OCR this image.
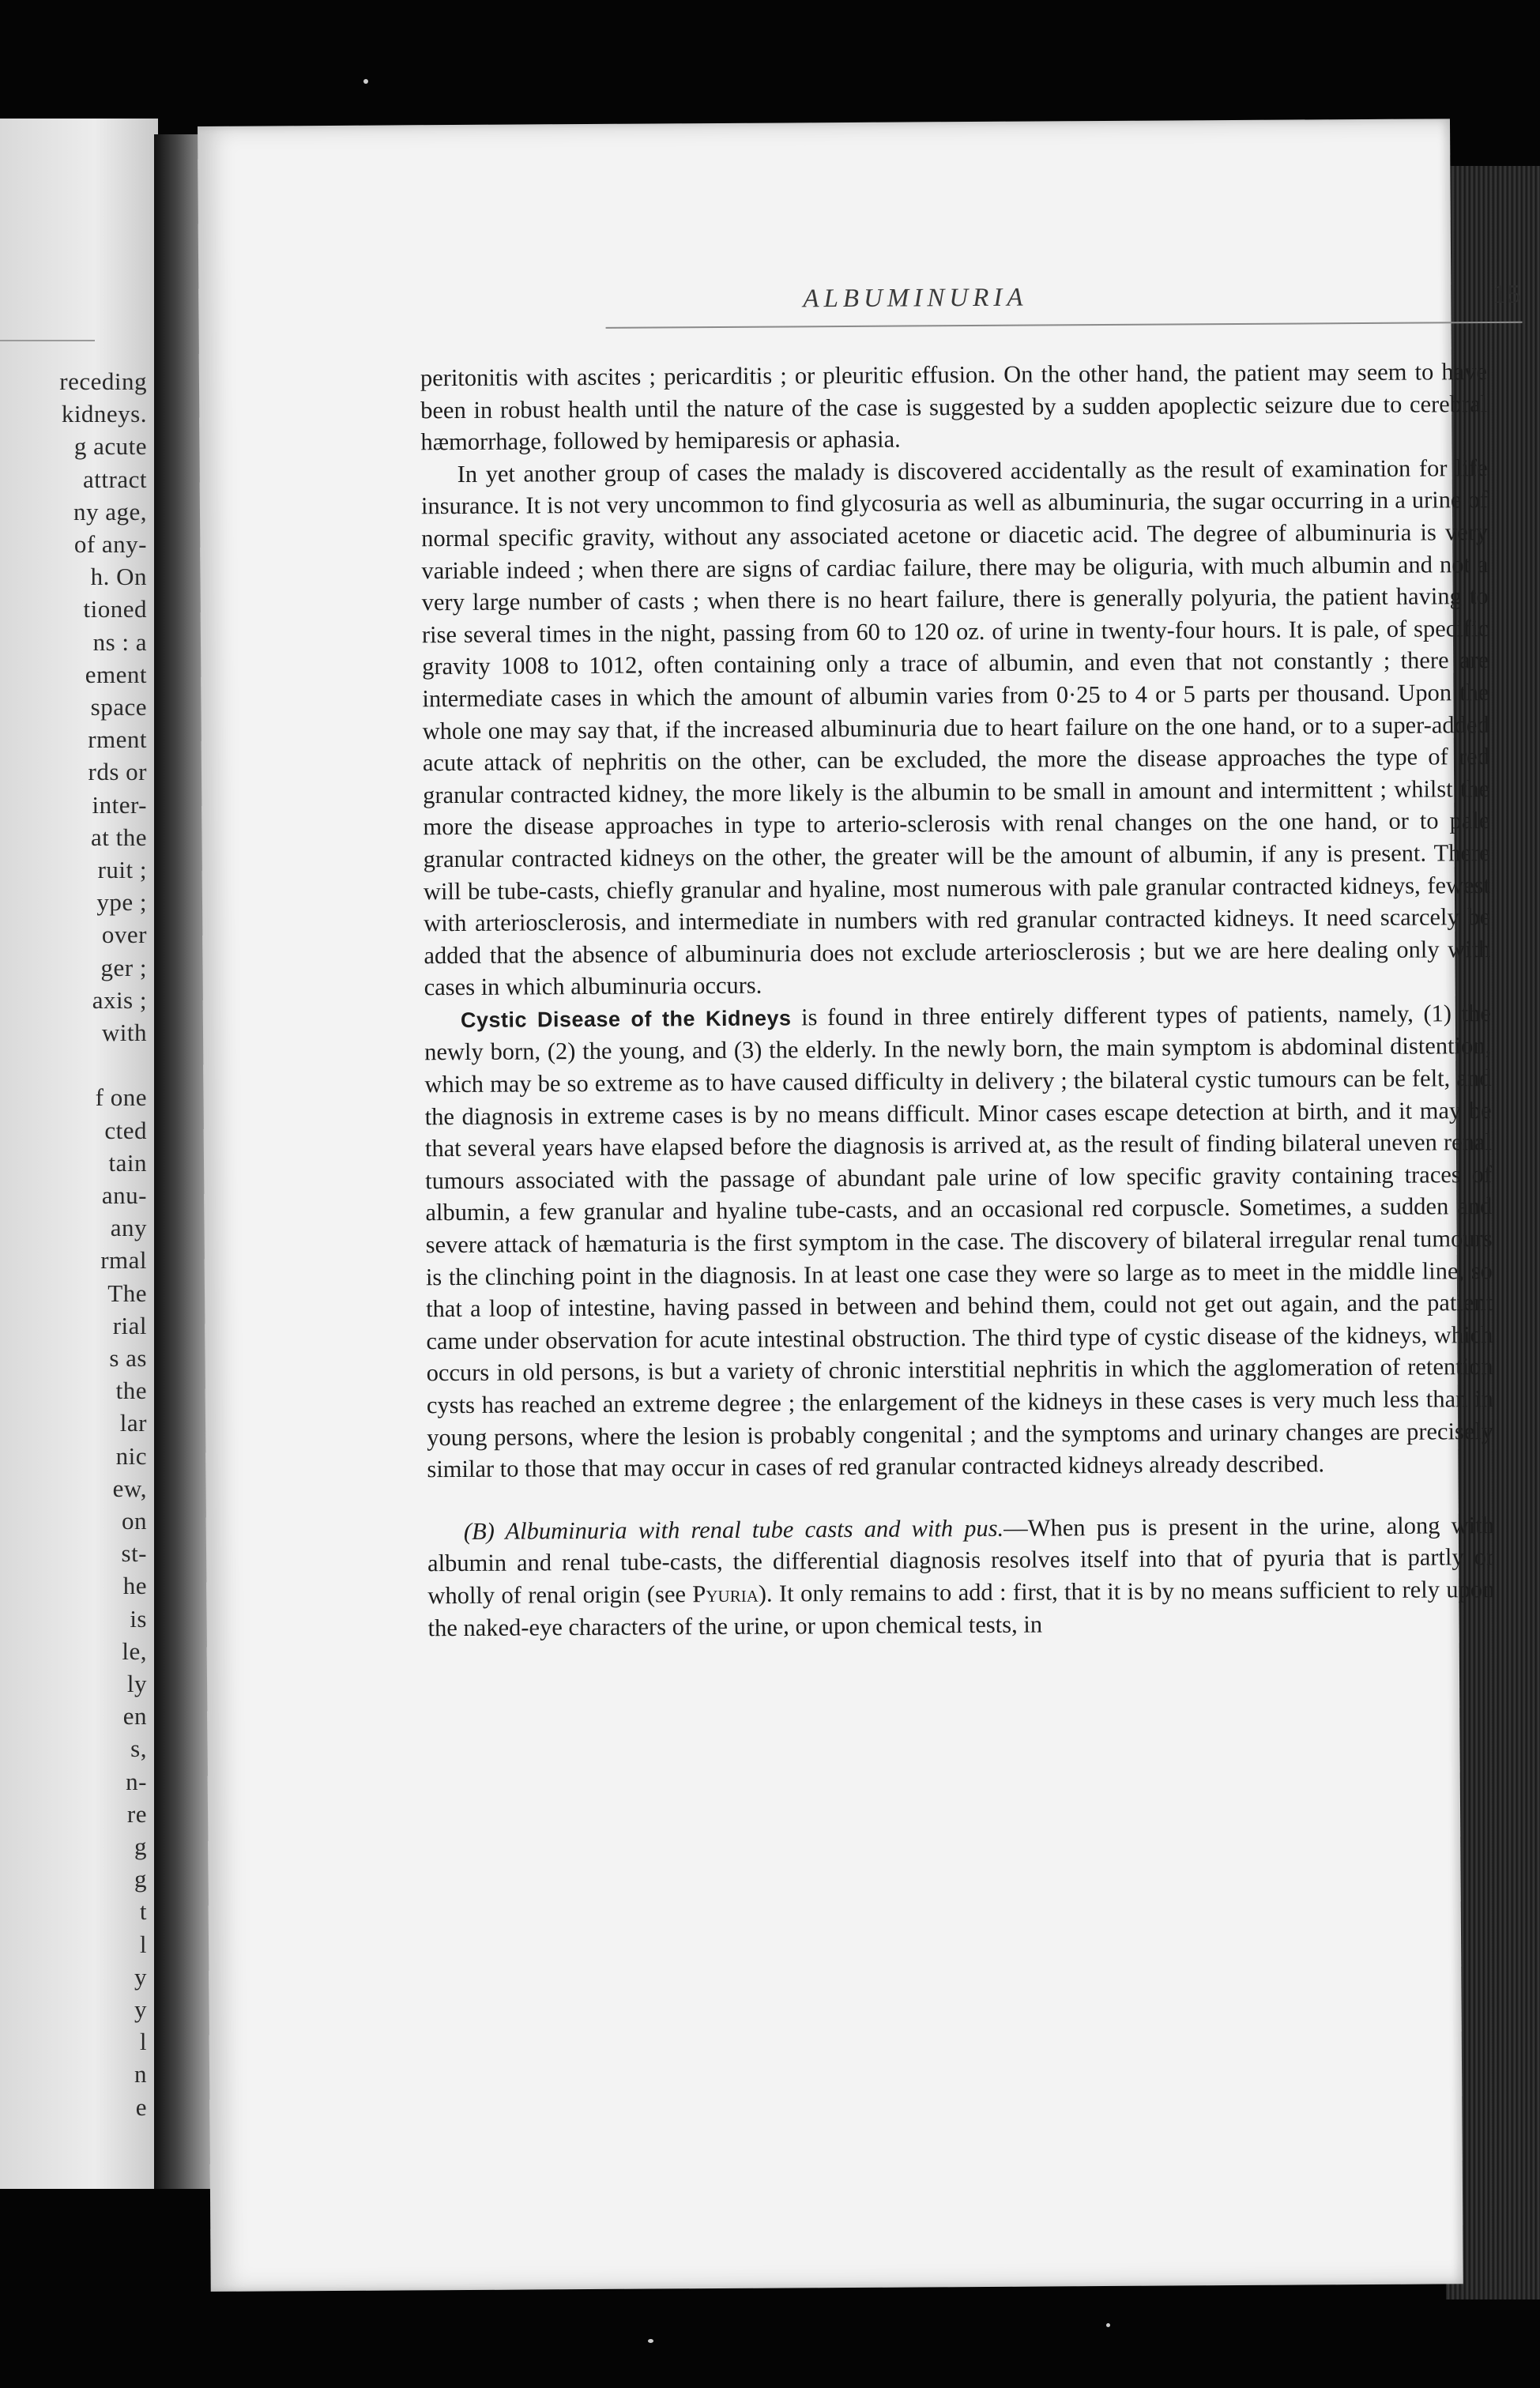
receding
kidneys.
g acute
attract
ny age,
of any-
h. On
tioned
ns : a
ement
space
rment
rds or
inter-
at the
ruit ;
ype ;
over
ger ;
axis ;
with
f one
cted
tain
anu-
any
rmal
The
rial
s as
the
lar
nic
ew,
on
st-
he
is
le,
ly
en
s,
n-
re
g
g
t
l
y
y
l
n
e
ALBUMINURIA	15

peritonitis with ascites ; pericarditis ; or pleuritic effusion. On the other hand, the patient may seem to have been in robust health until the nature of the case is suggested by a sudden apoplectic seizure due to cerebral hæmorrhage, followed by hemiparesis or aphasia.

In yet another group of cases the malady is discovered accidentally as the result of examination for life insurance. It is not very uncommon to find glycosuria as well as albuminuria, the sugar occurring in a urine of normal specific gravity, without any associated acetone or diacetic acid. The degree of albuminuria is very variable indeed ; when there are signs of cardiac failure, there may be oliguria, with much albumin and not a very large number of casts ; when there is no heart failure, there is generally polyuria, the patient having to rise several times in the night, passing from 60 to 120 oz. of urine in twenty-four hours. It is pale, of specific gravity 1008 to 1012, often containing only a trace of albumin, and even that not constantly ; there are intermediate cases in which the amount of albumin varies from 0·25 to 4 or 5 parts per thousand. Upon the whole one may say that, if the increased albuminuria due to heart failure on the one hand, or to a super-added acute attack of nephritis on the other, can be excluded, the more the disease approaches the type of red granular contracted kidney, the more likely is the albumin to be small in amount and intermittent ; whilst the more the disease approaches in type to arterio-sclerosis with renal changes on the one hand, or to pale granular contracted kidneys on the other, the greater will be the amount of albumin, if any is present. There will be tube-casts, chiefly granular and hyaline, most numerous with pale granular contracted kidneys, fewest with arteriosclerosis, and intermediate in numbers with red granular contracted kidneys. It need scarcely be added that the absence of albuminuria does not exclude arteriosclerosis ; but we are here dealing only with cases in which albuminuria occurs.

Cystic Disease of the Kidneys is found in three entirely different types of patients, namely, (1) the newly born, (2) the young, and (3) the elderly. In the newly born, the main symptom is abdominal distention, which may be so extreme as to have caused difficulty in delivery ; the bilateral cystic tumours can be felt, and the diagnosis in extreme cases is by no means difficult. Minor cases escape detection at birth, and it may be that several years have elapsed before the diagnosis is arrived at, as the result of finding bilateral uneven renal tumours associated with the passage of abundant pale urine of low specific gravity containing traces of albumin, a few granular and hyaline tube-casts, and an occasional red corpuscle. Sometimes, a sudden and severe attack of hæmaturia is the first symptom in the case. The discovery of bilateral irregular renal tumours is the clinching point in the diagnosis. In at least one case they were so large as to meet in the middle line, so that a loop of intestine, having passed in between and behind them, could not get out again, and the patient came under observation for acute intestinal obstruction. The third type of cystic disease of the kidneys, which occurs in old persons, is but a variety of chronic interstitial nephritis in which the agglomeration of retention cysts has reached an extreme degree ; the enlargement of the kidneys in these cases is very much less than in young persons, where the lesion is probably congenital ; and the symptoms and urinary changes are precisely similar to those that may occur in cases of red granular contracted kidneys already described.

(B) Albuminuria with renal tube casts and with pus.—When pus is present in the urine, along with albumin and renal tube-casts, the differential diagnosis resolves itself into that of pyuria that is partly or wholly of renal origin (see Pyuria). It only remains to add : first, that it is by no means sufficient to rely upon the naked-eye characters of the urine, or upon chemical tests, in
